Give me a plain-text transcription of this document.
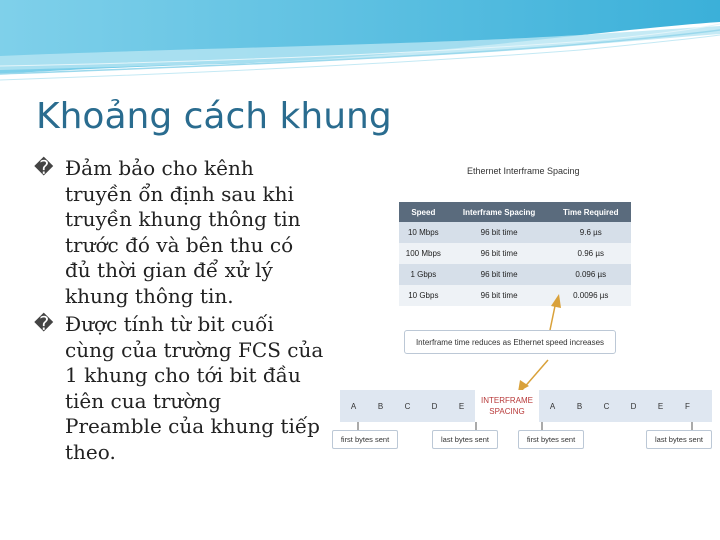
Khoảng cách khung
� Đảm bảo cho kênh
truyền ổn định sau khi
truyền khung thông tin
trước đó và bên thu có
đủ thời gian để xử lý
khung thông tin.
� Được tính từ bit cuối
cùng của trường FCS của
1 khung cho tới bit đầu
tiên cua trường
Preamble của khung tiếp
theo.
Ethernet Interframe Spacing
Speed	Interframe Spacing	Time Required
10 Mbps	96 bit time	9.6 µs
100 Mbps	96 bit time	0.96 µs
1 Gbps	96 bit time	0.096 µs
10 Gbps	96 bit time	0.0096 µs
Interframe time reduces as Ethernet speed increases
A	B	C	D	E
INTERFRAME
SPACING
A	B	C	D	E	F
first bytes sent	last bytes sent	first bytes sent	last bytes sent
